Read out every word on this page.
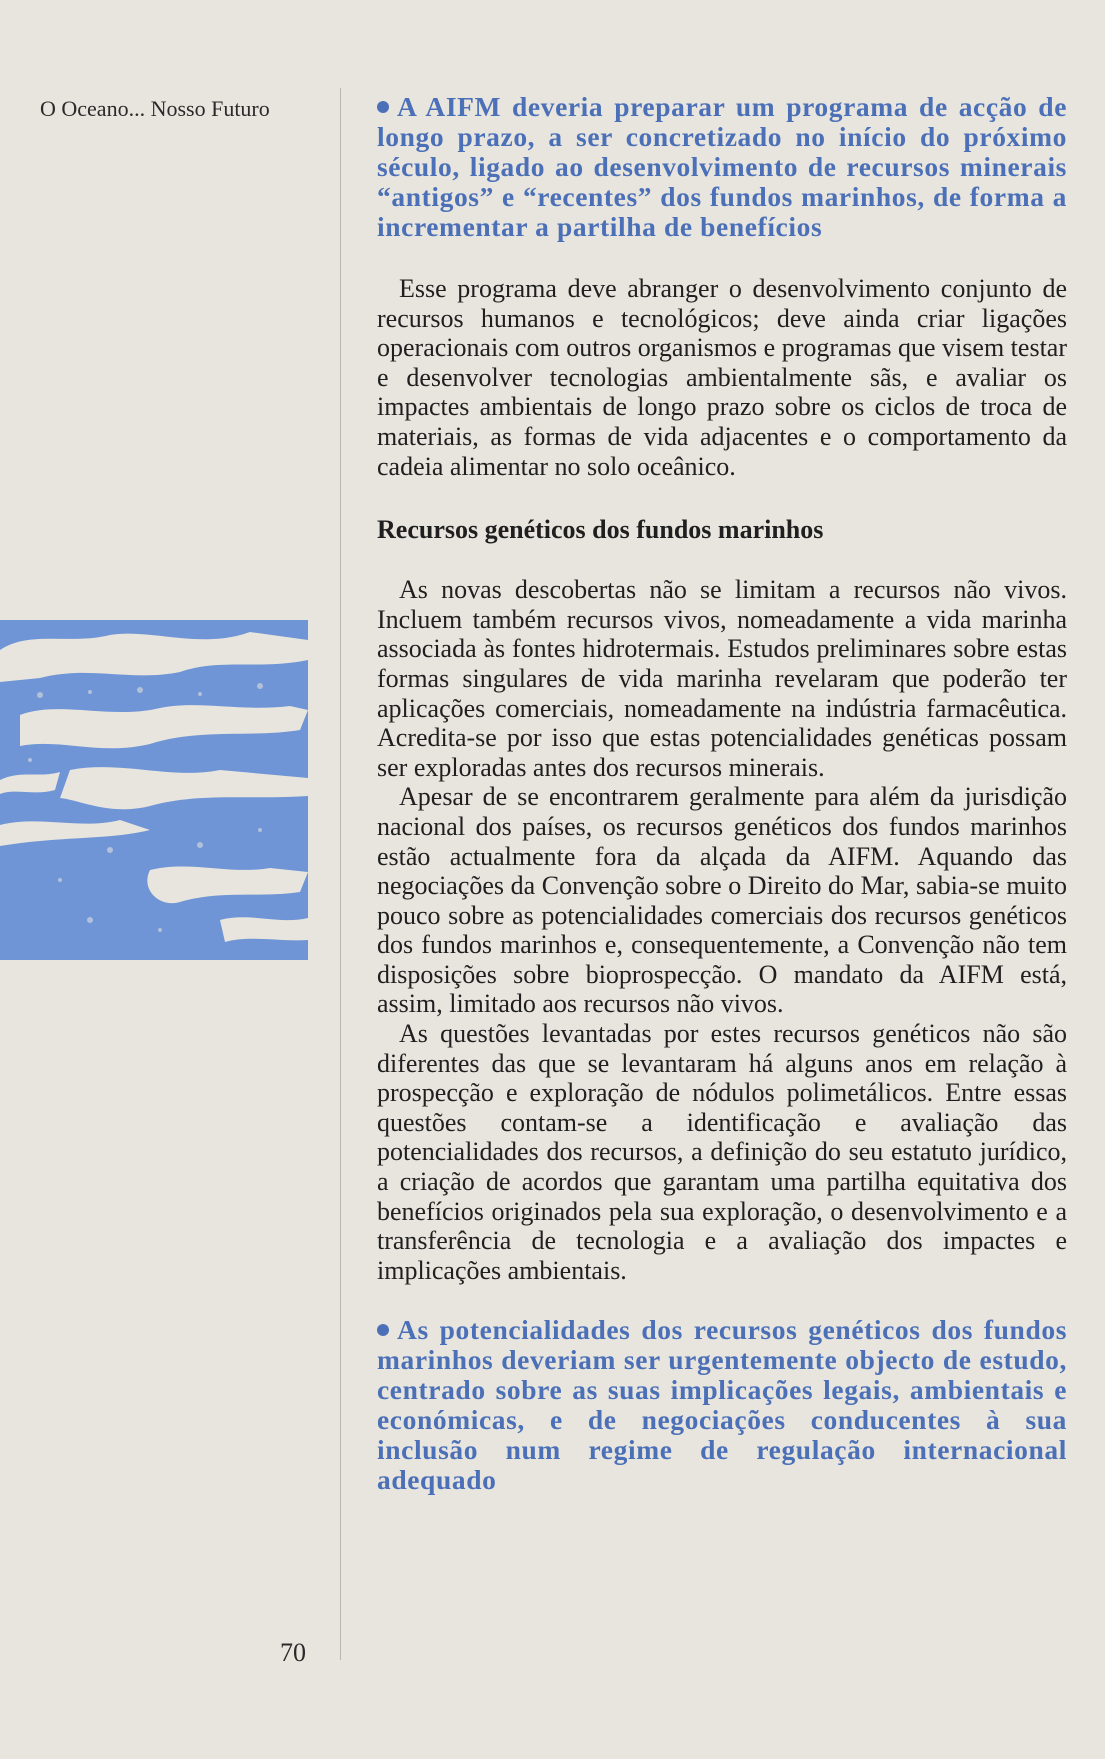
O Oceano... Nosso Futuro	A AIFM deveria preparar um programa de acção de longo prazo, a ser concretizado no início do próximo século, ligado ao desenvolvimento de recursos minerais “antigos” e “recentes” dos fundos marinhos, de forma a incrementar a partilha de benefícios

Esse programa deve abranger o desenvolvimento conjunto de recursos humanos e tecnológicos; deve ainda criar ligações operacionais com outros organismos e programas que visem testar e desenvolver tecnologias ambientalmente sãs, e avaliar os impactes ambientais de longo prazo sobre os ciclos de troca de materiais, as formas de vida adjacentes e o comportamento da cadeia alimentar no solo oceânico.

Recursos genéticos dos fundos marinhos

As novas descobertas não se limitam a recursos não vivos. Incluem também recursos vivos, nomeadamente a vida marinha associada às fontes hidrotermais. Estudos preliminares sobre estas formas singulares de vida marinha revelaram que poderão ter aplicações comerciais, nomeadamente na indústria farmacêutica. Acredita-se por isso que estas potencialidades genéticas possam ser exploradas antes dos recursos minerais.

Apesar de se encontrarem geralmente para além da jurisdição nacional dos países, os recursos genéticos dos fundos marinhos estão actualmente fora da alçada da AIFM. Aquando das negociações da Convenção sobre o Direito do Mar, sabia-se muito pouco sobre as potencialidades comerciais dos recursos genéticos dos fundos marinhos e, consequentemente, a Convenção não tem disposições sobre bioprospecção. O mandato da AIFM está, assim, limitado aos recursos não vivos.

As questões levantadas por estes recursos genéticos não são diferentes das que se levantaram há alguns anos em relação à prospecção e exploração de nódulos polimetálicos. Entre essas questões contam-se a identificação e avaliação das potencialidades dos recursos, a definição do seu estatuto jurídico, a criação de acordos que garantam uma partilha equitativa dos benefícios originados pela sua exploração, o desenvolvimento e a transferência de tecnologia e a avaliação dos impactes e implicações ambientais.

As potencialidades dos recursos genéticos dos fundos marinhos deveriam ser urgentemente objecto de estudo, centrado sobre as suas implicações legais, ambientais e económicas, e de negociações conducentes à sua inclusão num regime de regulação internacional adequado
70
